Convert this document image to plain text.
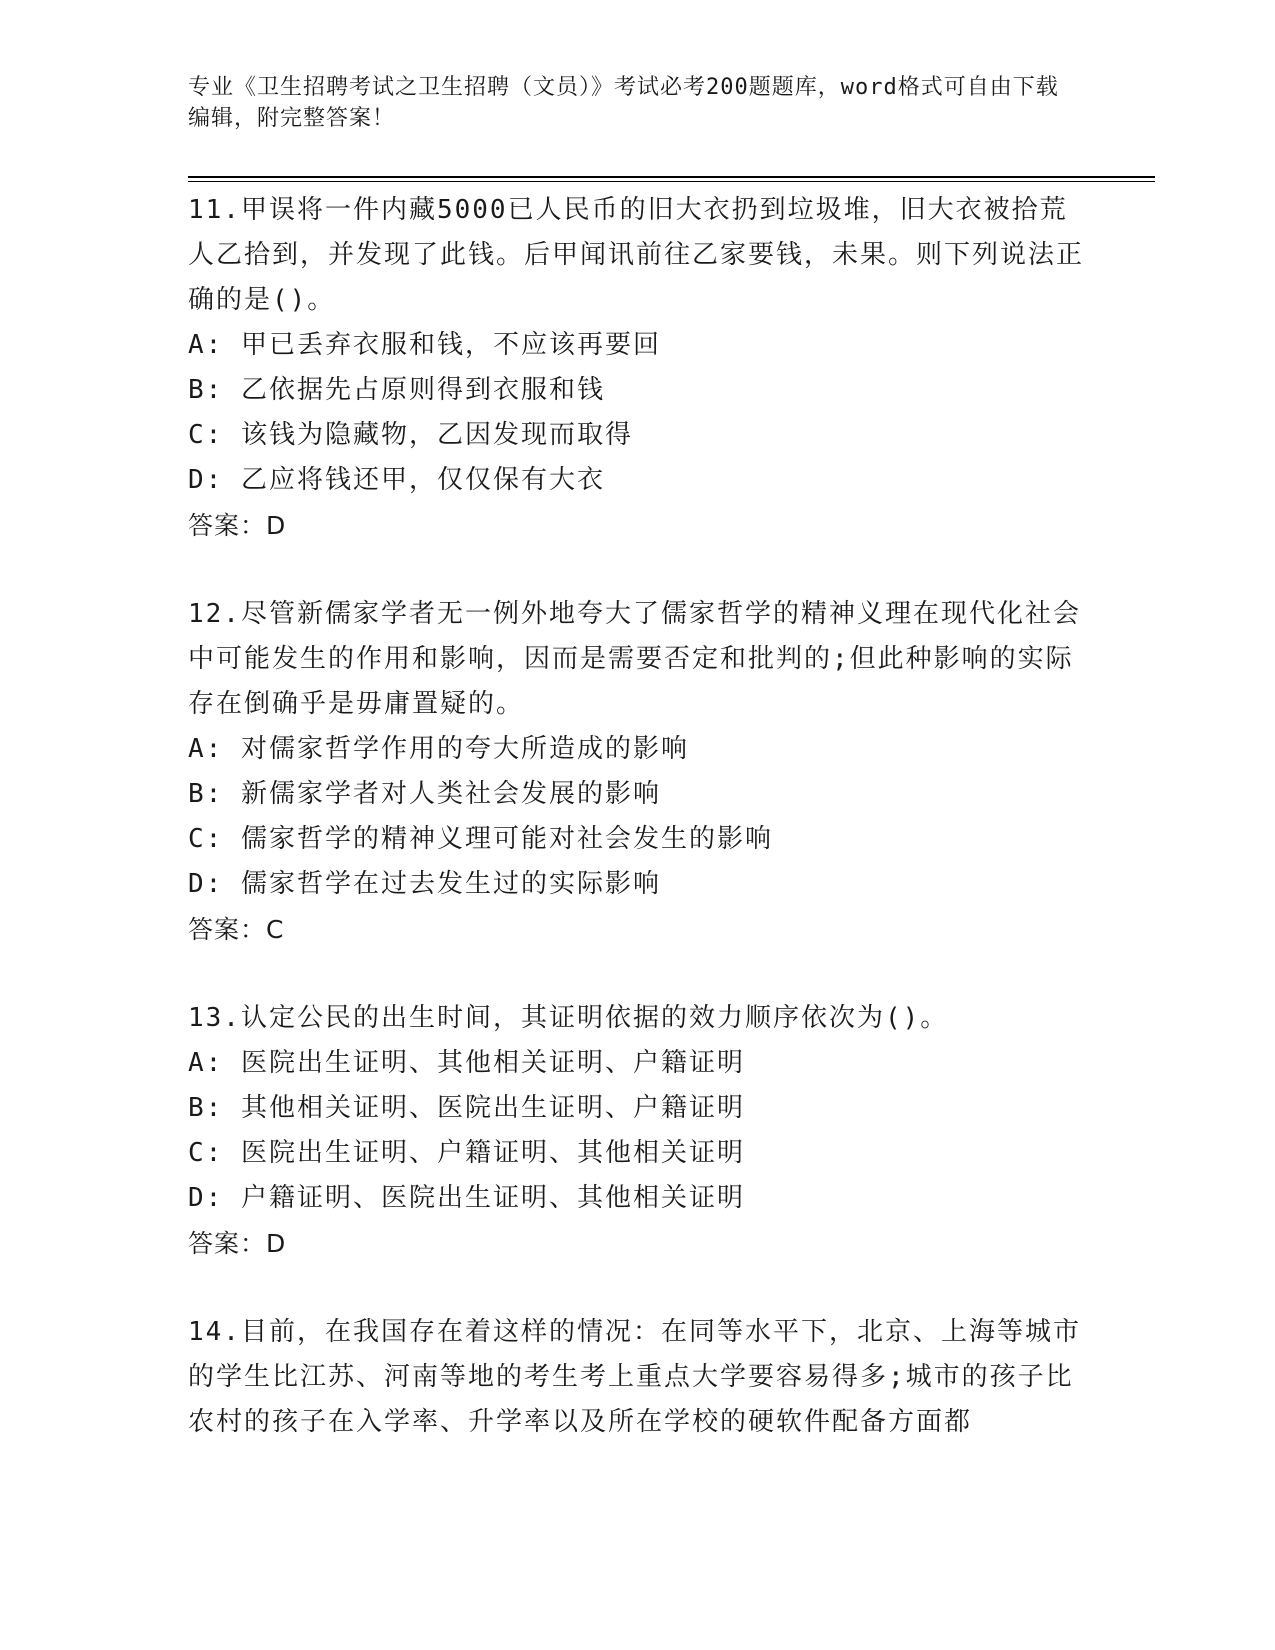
专业《卫生招聘考试之卫生招聘（文员）》考试必考200题题库，word格式可自由下载编辑，附完整答案！

11.甲误将一件内藏5000已人民币的旧大衣扔到垃圾堆，旧大衣被拾荒人乙拾到，并发现了此钱。后甲闻讯前往乙家要钱，未果。则下列说法正确的是()。

A: 甲已丢弃衣服和钱，不应该再要回

B: 乙依据先占原则得到衣服和钱

C: 该钱为隐藏物，乙因发现而取得

D: 乙应将钱还甲，仅仅保有大衣

答案：D

12.尽管新儒家学者无一例外地夸大了儒家哲学的精神义理在现代化社会中可能发生的作用和影响，因而是需要否定和批判的;但此种影响的实际存在倒确乎是毋庸置疑的。

A: 对儒家哲学作用的夸大所造成的影响

B: 新儒家学者对人类社会发展的影响

C: 儒家哲学的精神义理可能对社会发生的影响

D: 儒家哲学在过去发生过的实际影响

答案：C

13.认定公民的出生时间，其证明依据的效力顺序依次为()。

A: 医院出生证明、其他相关证明、户籍证明

B: 其他相关证明、医院出生证明、户籍证明

C: 医院出生证明、户籍证明、其他相关证明

D: 户籍证明、医院出生证明、其他相关证明

答案：D

14.目前，在我国存在着这样的情况：在同等水平下，北京、上海等城市的学生比江苏、河南等地的考生考上重点大学要容易得多;城市的孩子比农村的孩子在入学率、升学率以及所在学校的硬软件配备方面都
